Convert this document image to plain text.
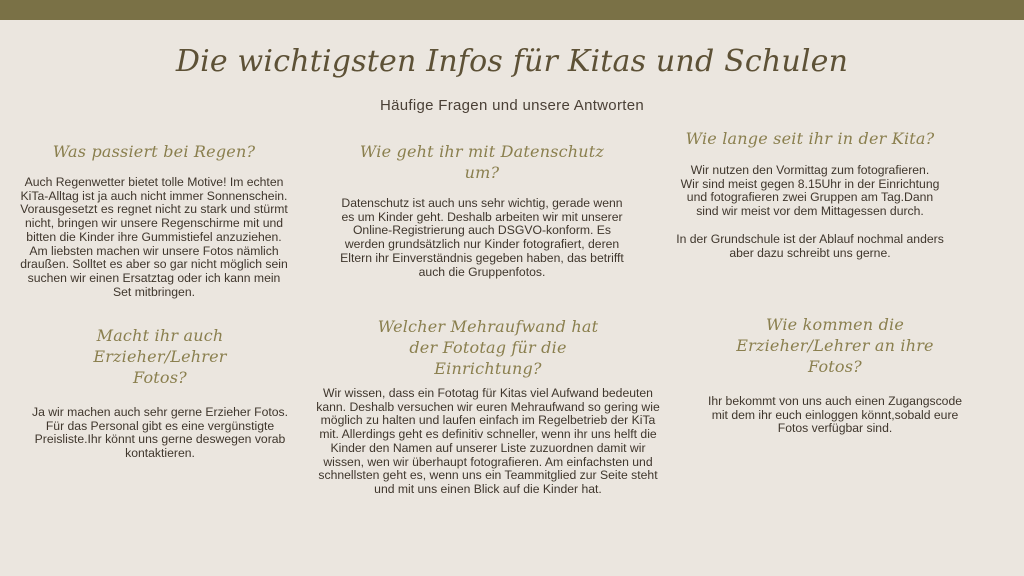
Die wichtigsten Infos für Kitas und Schulen
Häufige Fragen und unsere Antworten
Was passiert bei Regen?
Auch Regenwetter bietet tolle Motive! Im echten KiTa-Alltag ist ja auch nicht immer Sonnenschein. Vorausgesetzt es regnet nicht zu stark und stürmt nicht, bringen wir unsere Regenschirme mit und bitten die Kinder ihre Gummistiefel anzuziehen. Am liebsten machen wir unsere Fotos nämlich draußen. Solltet es aber so gar nicht möglich sein suchen wir einen Ersatztag oder ich kann mein Set mitbringen.
Wie geht ihr mit Datenschutz um?
Datenschutz ist auch uns sehr wichtig, gerade wenn es um Kinder geht. Deshalb arbeiten wir mit unserer Online-Registrierung auch DSGVO-konform. Es werden grundsätzlich nur Kinder fotografiert, deren Eltern ihr Einverständnis gegeben haben, das betrifft auch die Gruppenfotos.
Wie lange seit ihr in der Kita?

Wir nutzen den Vormittag zum fotografieren.

Wir sind meist gegen 8.15Uhr in der Einrichtung und fotografieren zwei Gruppen am Tag.Dann sind wir meist vor dem Mittagessen durch.

In der Grundschule ist der Ablauf nochmal anders aber dazu schreibt uns gerne.

Macht ihr auch Erzieher/Lehrer Fotos?

Ja wir machen auch sehr gerne Erzieher Fotos.

Für das Personal gibt es eine vergünstigte Preisliste.Ihr könnt uns gerne deswegen vorab kontaktieren.

Welcher Mehraufwand hat der Fototag für die Einrichtung?
Wir wissen, dass ein Fototag für Kitas viel Aufwand bedeuten kann. Deshalb versuchen wir euren Mehraufwand so gering wie möglich zu halten und laufen einfach im Regelbetrieb der KiTa mit. Allerdings geht es definitiv schneller, wenn ihr uns helft die Kinder den Namen auf unserer Liste zuzuordnen damit wir wissen, wen wir überhaupt fotografieren. Am einfachsten und schnellsten geht es, wenn uns ein Teammitglied zur Seite steht und mit uns einen Blick auf die Kinder hat.
Wie kommen die Erzieher/Lehrer an ihre Fotos?
Ihr bekommt von uns auch einen Zugangscode mit dem ihr euch einloggen könnt,sobald eure Fotos verfügbar sind.
